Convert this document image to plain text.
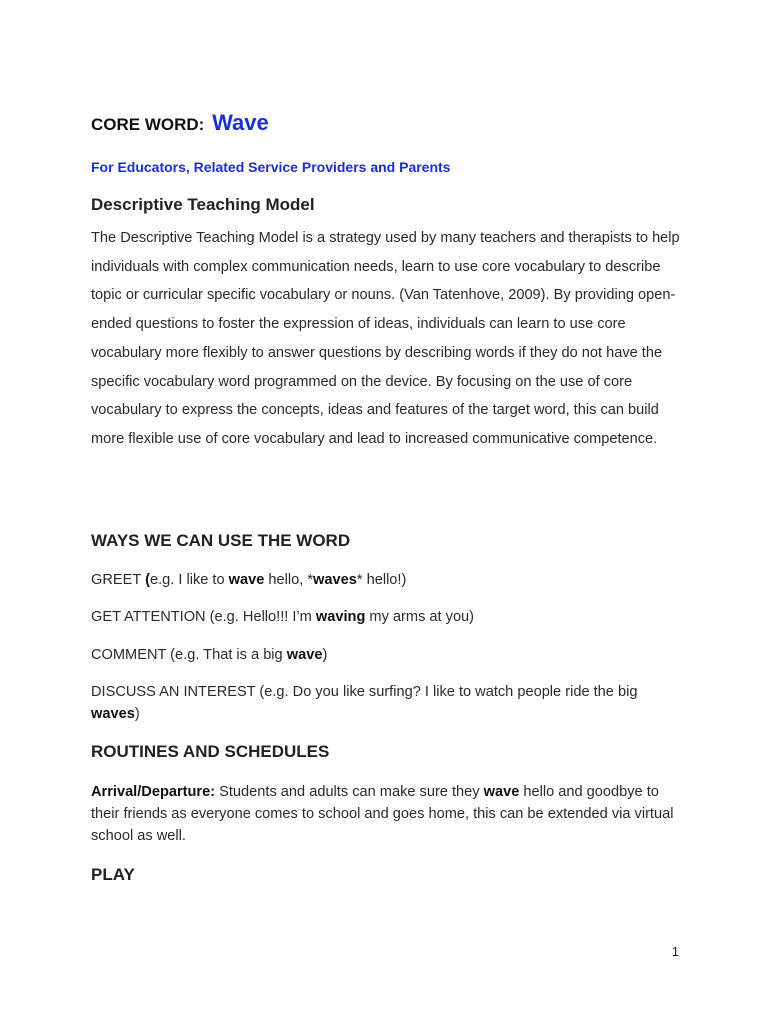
CORE WORD: Wave
For Educators, Related Service Providers and Parents
Descriptive Teaching Model
The Descriptive Teaching Model is a strategy used by many teachers and therapists to help individuals with complex communication needs, learn to use core vocabulary to describe topic or curricular specific vocabulary or nouns. (Van Tatenhove, 2009). By providing open-ended questions to foster the expression of ideas, individuals can learn to use core vocabulary more flexibly to answer questions by describing words if they do not have the specific vocabulary word programmed on the device. By focusing on the use of core vocabulary to express the concepts, ideas and features of the target word, this can build more flexible use of core vocabulary and lead to increased communicative competence.
WAYS WE CAN USE THE WORD
GREET (e.g. I like to wave hello, *waves* hello!)
GET ATTENTION (e.g. Hello!!! I’m waving my arms at you)
COMMENT (e.g. That is a big wave)
DISCUSS AN INTEREST (e.g. Do you like surfing? I like to watch people ride the big waves)
ROUTINES AND SCHEDULES
Arrival/Departure: Students and adults can make sure they wave hello and goodbye to their friends as everyone comes to school and goes home, this can be extended via virtual school as well.
PLAY
1
